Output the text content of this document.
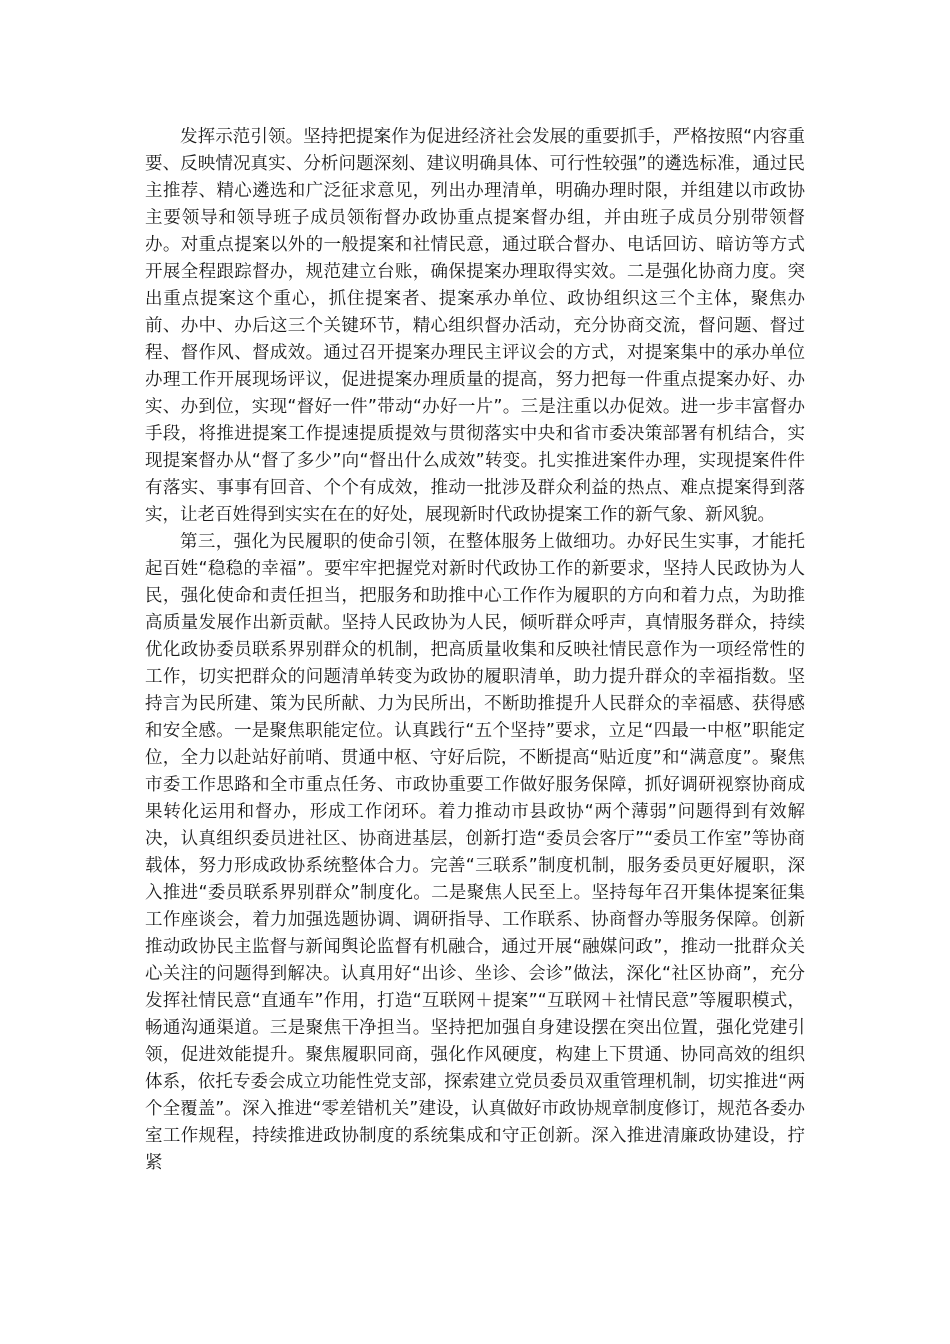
发挥示范引领。坚持把提案作为促进经济社会发展的重要抓手，严格按照“内容重要、反映情况真实、分析问题深刻、建议明确具体、可行性较强”的遴选标准，通过民主推荐、精心遴选和广泛征求意见，列出办理清单，明确办理时限，并组建以市政协主要领导和领导班子成员领衔督办政协重点提案督办组，并由班子成员分别带领督办。对重点提案以外的一般提案和社情民意，通过联合督办、电话回访、暗访等方式开展全程跟踪督办，规范建立台账，确保提案办理取得实效。二是强化协商力度。突出重点提案这个重心，抓住提案者、提案承办单位、政协组织这三个主体，聚焦办前、办中、办后这三个关键环节，精心组织督办活动，充分协商交流，督问题、督过程、督作风、督成效。通过召开提案办理民主评议会的方式，对提案集中的承办单位办理工作开展现场评议，促进提案办理质量的提高，努力把每一件重点提案办好、办实、办到位，实现“督好一件”带动“办好一片”。三是注重以办促效。进一步丰富督办手段，将推进提案工作提速提质提效与贯彻落实中央和省市委决策部署有机结合，实现提案督办从“督了多少”向“督出什么成效”转变。扎实推进案件办理，实现提案件件有落实、事事有回音、个个有成效，推动一批涉及群众利益的热点、难点提案得到落实，让老百姓得到实实在在的好处，展现新时代政协提案工作的新气象、新风貌。

第三，强化为民履职的使命引领，在整体服务上做细功。办好民生实事，才能托起百姓“稳稳的幸福”。要牢牢把握党对新时代政协工作的新要求，坚持人民政协为人民，强化使命和责任担当，把服务和助推中心工作作为履职的方向和着力点，为助推高质量发展作出新贡献。坚持人民政协为人民，倾听群众呼声，真情服务群众，持续优化政协委员联系界别群众的机制，把高质量收集和反映社情民意作为一项经常性的工作，切实把群众的问题清单转变为政协的履职清单，助力提升群众的幸福指数。坚持言为民所建、策为民所献、力为民所出，不断助推提升人民群众的幸福感、获得感和安全感。一是聚焦职能定位。认真践行“五个坚持”要求，立足“四最一中枢”职能定位，全力以赴站好前哨、贯通中枢、守好后院，不断提高“贴近度”和“满意度”。聚焦市委工作思路和全市重点任务、市政协重要工作做好服务保障，抓好调研视察协商成果转化运用和督办，形成工作闭环。着力推动市县政协“两个薄弱”问题得到有效解决，认真组织委员进社区、协商进基层，创新打造“委员会客厅”“委员工作室”等协商载体，努力形成政协系统整体合力。完善“三联系”制度机制，服务委员更好履职，深入推进“委员联系界别群众”制度化。二是聚焦人民至上。坚持每年召开集体提案征集工作座谈会，着力加强选题协调、调研指导、工作联系、协商督办等服务保障。创新推动政协民主监督与新闻舆论监督有机融合，通过开展“融媒问政”，推动一批群众关心关注的问题得到解决。认真用好“出诊、坐诊、会诊”做法，深化“社区协商”，充分发挥社情民意“直通车”作用，打造“互联网＋提案”“互联网＋社情民意”等履职模式，畅通沟通渠道。三是聚焦干净担当。坚持把加强自身建设摆在突出位置，强化党建引领，促进效能提升。聚焦履职同商，强化作风硬度，构建上下贯通、协同高效的组织体系，依托专委会成立功能性党支部，探索建立党员委员双重管理机制，切实推进“两个全覆盖”。深入推进“零差错机关”建设，认真做好市政协规章制度修订，规范各委办室工作规程，持续推进政协制度的系统集成和守正创新。深入推进清廉政协建设，拧紧
